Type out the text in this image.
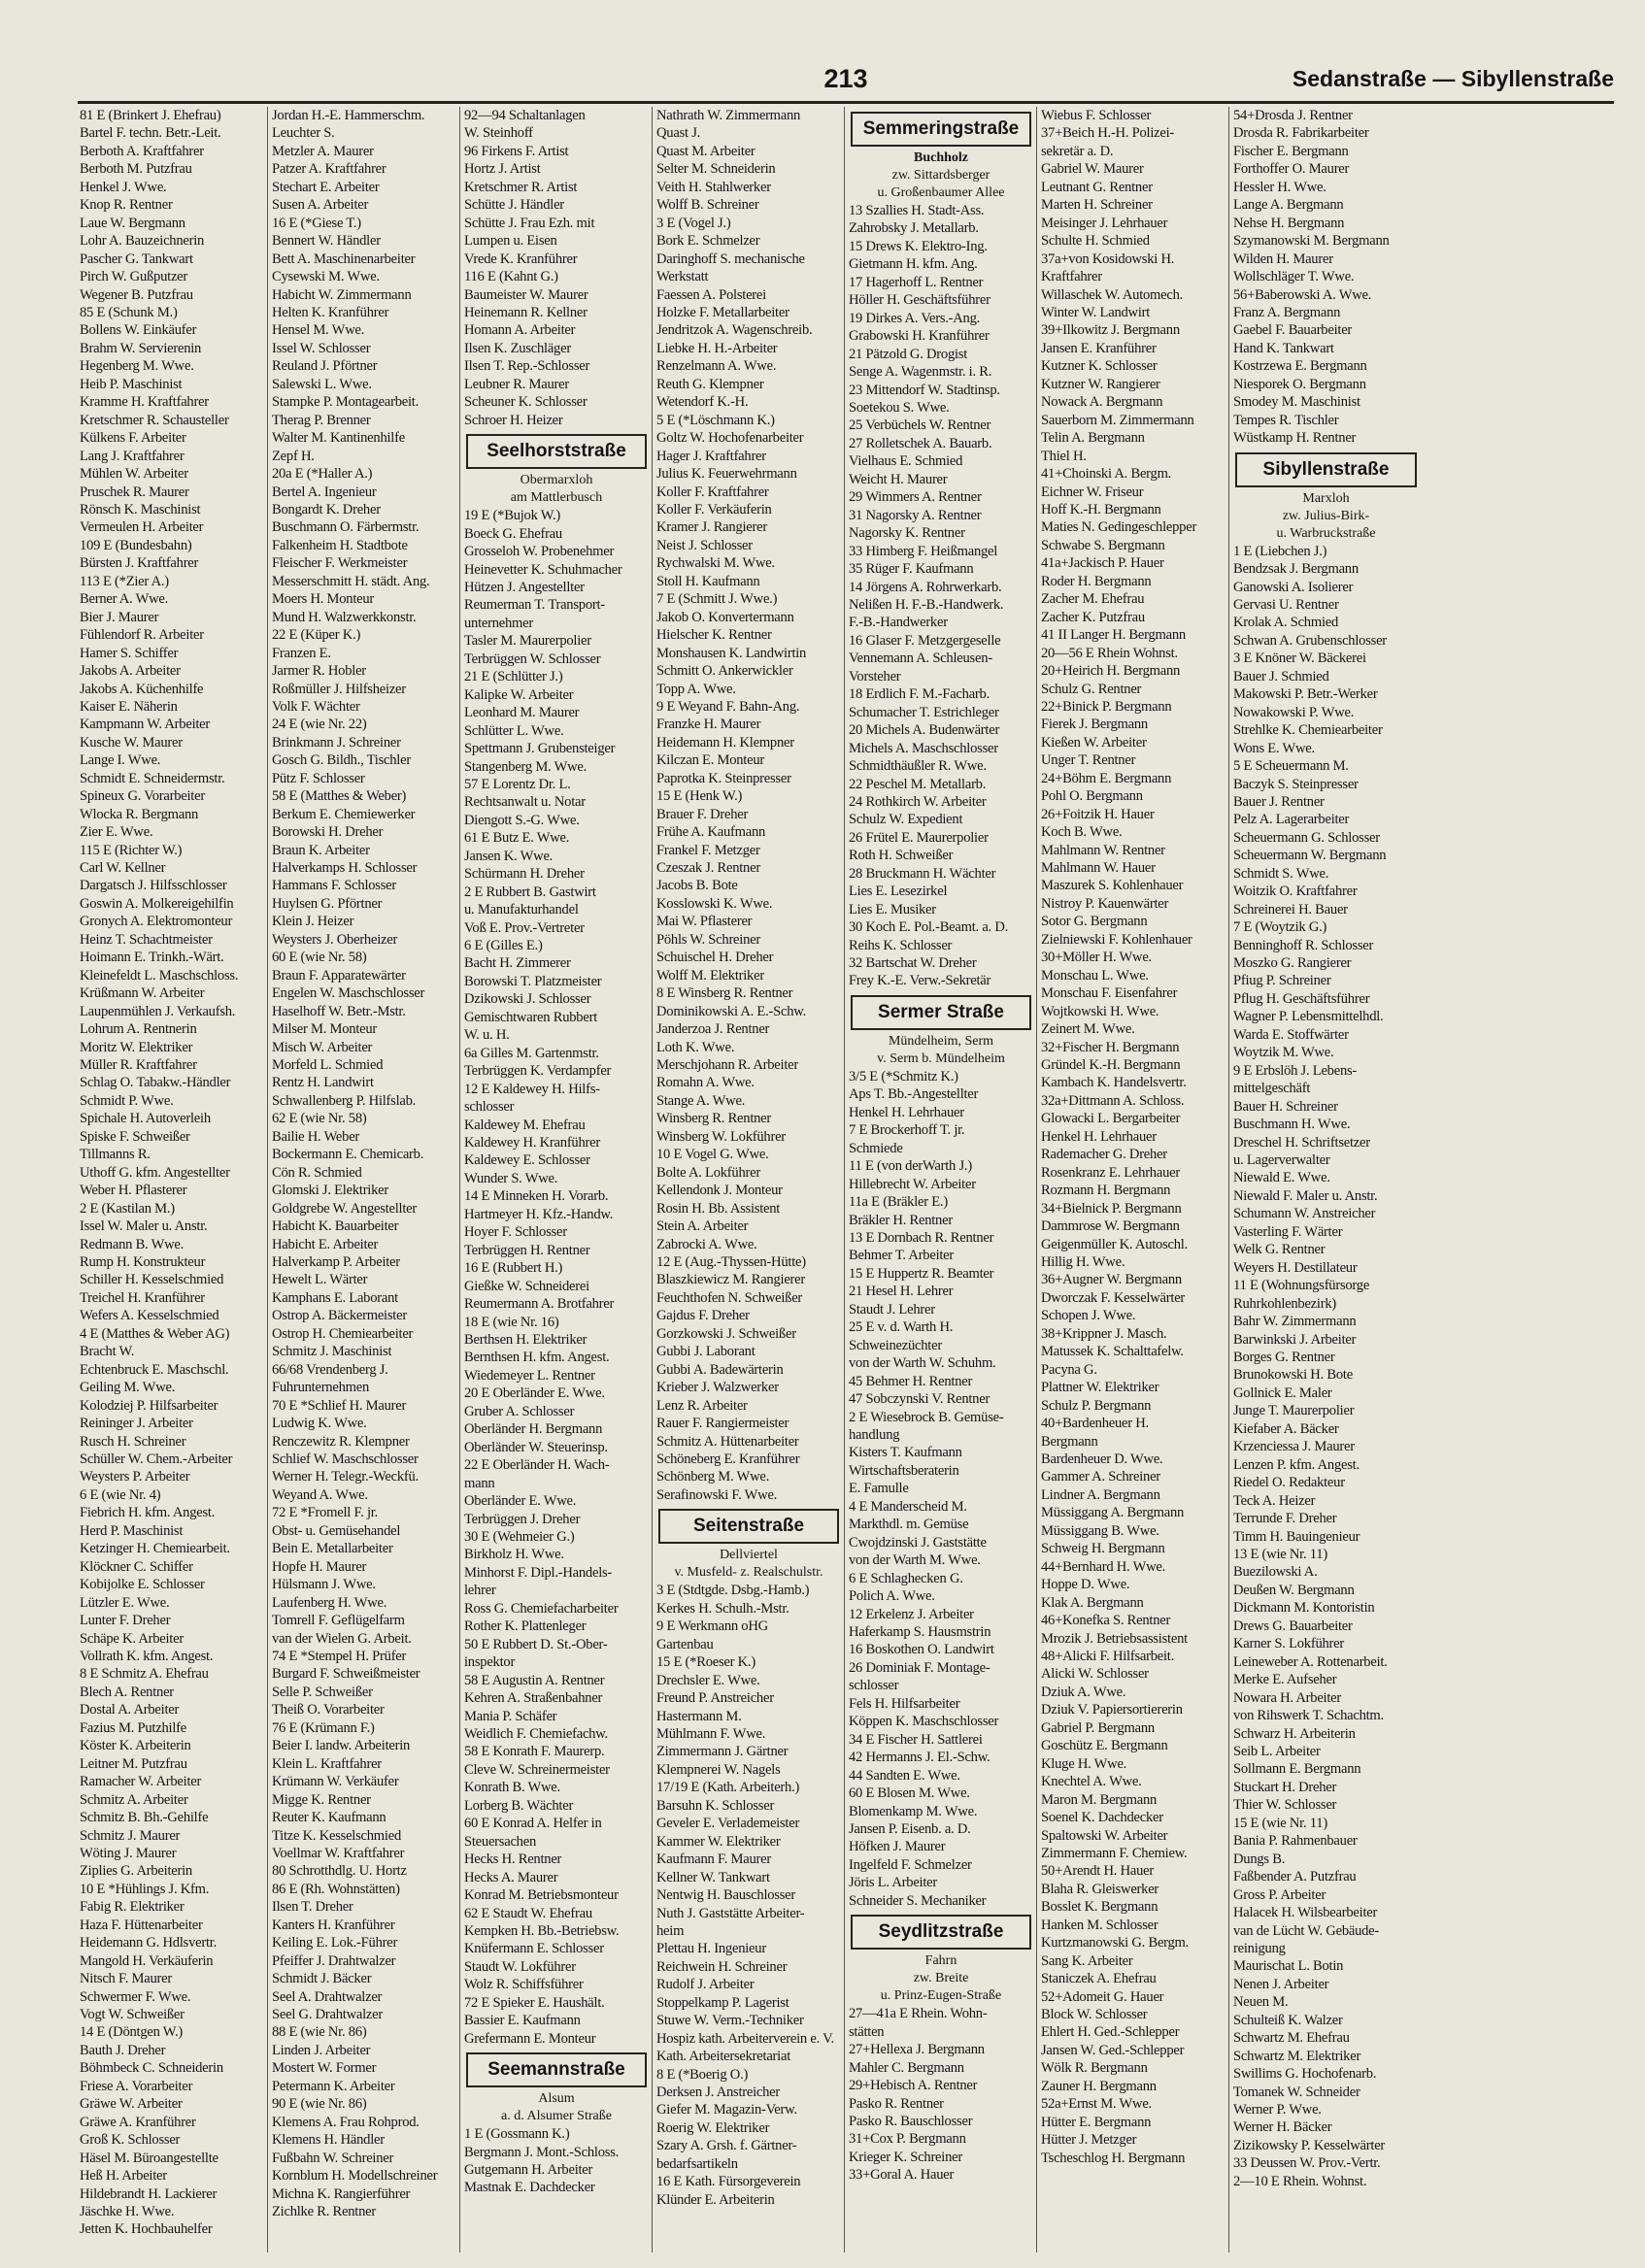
213	Sedanstraße — Sibyllenstraße
81 E (Brinkert J. Ehefrau)
Bartel F. techn. Betr.-Leit.
Berboth A. Kraftfahrer
Berboth M. Putzfrau
Henkel J. Wwe.
Knop R. Rentner
Laue W. Bergmann
Lohr A. Bauzeichnerin
Pascher G. Tankwart
Pirch W. Gußputzer
Wegener B. Putzfrau
85 E (Schunk M.)
Bollens W. Einkäufer
Brahm W. Servierenin
Hegenberg M. Wwe.
Heib P. Maschinist
Kramme H. Kraftfahrer
Kretschmer R. Schausteller
Külkens F. Arbeiter
Lang J. Kraftfahrer
Mühlen W. Arbeiter
Pruschek R. Maurer
Rönsch K. Maschinist
Vermeulen H. Arbeiter
109 E (Bundesbahn)
Bürsten J. Kraftfahrer
113 E (*Zier A.)
Berner A. Wwe.
Bier J. Maurer
Fühlendorf R. Arbeiter
Hamer S. Schiffer
Jakobs A. Arbeiter
Jakobs A. Küchenhilfe
Kaiser E. Näherin
Kampmann W. Arbeiter
Kusche W. Maurer
Lange I. Wwe.
Schmidt E. Schneidermstr.
Spineux G. Vorarbeiter
Wlocka R. Bergmann
Zier E. Wwe.
115 E (Richter W.)
Carl W. Kellner
Dargatsch J. Hilfsschlosser
Goswin A. Molkereigehilfin
Gronych A. Elektromonteur
Heinz T. Schachtmeister
Hoimann E. Trinkh.-Wärt.
Kleinefeldt L. Maschschloss.
Krüßmann W. Arbeiter
Laupenmühlen J. Verkaufsh.
Lohrum A. Rentnerin
Moritz W. Elektriker
Müller R. Kraftfahrer
Schlag O. Tabakw.-Händler
Schmidt P. Wwe.
Spichale H. Autoverleih
Spiske F. Schweißer
Tillmanns R.
Uthoff G. kfm. Angestellter
Weber H. Pflasterer
2 E (Kastilan M.)
Issel W. Maler u. Anstr.
Redmann B. Wwe.
Rump H. Konstrukteur
Schiller H. Kesselschmied
Treichel H. Kranführer
Wefers A. Kesselschmied
4 E (Matthes & Weber AG)
Bracht W.
Echtenbruck E. Maschschl.
Geiling M. Wwe.
Kolodziej P. Hilfsarbeiter
Reininger J. Arbeiter
Rusch H. Schreiner
Schüller W. Chem.-Arbeiter
Weysters P. Arbeiter
6 E (wie Nr. 4)
Fiebrich H. kfm. Angest.
Herd P. Maschinist
Ketzinger H. Chemiearbeit.
Klöckner C. Schiffer
Kobijolke E. Schlosser
Lützler E. Wwe.
Lunter F. Dreher
Schäpe K. Arbeiter
Vollrath K. kfm. Angest.
8 E Schmitz A. Ehefrau
Blech A. Rentner
Dostal A. Arbeiter
Fazius M. Putzhilfe
Köster K. Arbeiterin
Leitner M. Putzfrau
Ramacher W. Arbeiter
Schmitz A. Arbeiter
Schmitz B. Bh.-Gehilfe
Schmitz J. Maurer
Wöting J. Maurer
Ziplies G. Arbeiterin
10 E *Hühlings J. Kfm.
Fabig R. Elektriker
Haza F. Hüttenarbeiter
Heidemann G. Hdlsvertr.
Mangold H. Verkäuferin
Nitsch F. Maurer
Schwermer F. Wwe.
Vogt W. Schweißer
14 E (Döntgen W.)
Bauth J. Dreher
Böhmbeck C. Schneiderin
Friese A. Vorarbeiter
Gräwe W. Arbeiter
Gräwe A. Kranführer
Groß K. Schlosser
Häsel M. Büroangestellte
Heß H. Arbeiter
Hildebrandt H. Lackierer
Jäschke H. Wwe.
Jetten K. Hochbauhelfer
Jordan H.-E. Hammerschm.
Leuchter S.
Metzler A. Maurer
Patzer A. Kraftfahrer
Stechart E. Arbeiter
Susen A. Arbeiter
16 E (*Giese T.)
Bennert W. Händler
Bett A. Maschinenarbeiter
Cysewski M. Wwe.
Habicht W. Zimmermann
Helten K. Kranführer
Hensel M. Wwe.
Issel W. Schlosser
Reuland J. Pförtner
Salewski L. Wwe.
Stampke P. Montagearbeit.
Therag P. Brenner
Walter M. Kantinenhilfe
Zepf H.
20a E (*Haller A.)
Bertel A. Ingenieur
Bongardt K. Dreher
Buschmann O. Färbermstr.
Falkenheim H. Stadtbote
Fleischer F. Werkmeister
Messerschmitt H. städt. Ang.
Moers H. Monteur
Mund H. Walzwerkkonstr.
22 E (Küper K.)
Franzen E.
Jarmer R. Hobler
Roßmüller J. Hilfsheizer
Volk F. Wächter
24 E (wie Nr. 22)
Brinkmann J. Schreiner
Gosch G. Bildh., Tischler
Pütz F. Schlosser
58 E (Matthes & Weber)
Berkum E. Chemiewerker
Borowski H. Dreher
Braun K. Arbeiter
Halverkamps H. Schlosser
Hammans F. Schlosser
Huylsen G. Pförtner
Klein J. Heizer
Weysters J. Oberheizer
60 E (wie Nr. 58)
Braun F. Apparatewärter
Engelen W. Maschschlosser
Haselhoff W. Betr.-Mstr.
Milser M. Monteur
Misch W. Arbeiter
Morfeld L. Schmied
Rentz H. Landwirt
Schwallenberg P. Hilfslab.
62 E (wie Nr. 58)
Bailie H. Weber
Bockermann E. Chemicarb.
Cön R. Schmied
Glomski J. Elektriker
Goldgrebe W. Angestellter
Habicht K. Bauarbeiter
Habicht E. Arbeiter
Halverkamp P. Arbeiter
Hewelt L. Wärter
Kamphans E. Laborant
Ostrop A. Bäckermeister
Ostrop H. Chemiearbeiter
Schmitz J. Maschinist
66/68 Vrendenberg J.
Fuhrunternehmen
70 E *Schlief H. Maurer
Ludwig K. Wwe.
Renczewitz R. Klempner
Schlief W. Maschschlosser
Werner H. Telegr.-Weckfü.
Weyand A. Wwe.
72 E *Fromell F. jr.
Obst- u. Gemüsehandel
Bein E. Metallarbeiter
Hopfe H. Maurer
Hülsmann J. Wwe.
Laufenberg H. Wwe.
Tomrell F. Geflügelfarm
van der Wielen G. Arbeit.
74 E *Stempel H. Prüfer
Burgard F. Schweißmeister
Selle P. Schweißer
Theiß O. Vorarbeiter
76 E (Krümann F.)
Beier I. landw. Arbeiterin
Klein L. Kraftfahrer
Krümann W. Verkäufer
Migge K. Rentner
Reuter K. Kaufmann
Titze K. Kesselschmied
Voellmar W. Kraftfahrer
80 Schrotthdlg. U. Hortz
86 E (Rh. Wohnstätten)
Ilsen T. Dreher
Kanters H. Kranführer
Keiling E. Lok.-Führer
Pfeiffer J. Drahtwalzer
Schmidt J. Bäcker
Seel A. Drahtwalzer
Seel G. Drahtwalzer
88 E (wie Nr. 86)
Linden J. Arbeiter
Mostert W. Former
Petermann K. Arbeiter
90 E (wie Nr. 86)
Klemens A. Frau Rohprod.
Klemens H. Händler
Fußbahn W. Schreiner
Kornblum H. Modellschreiner
Michna K. Rangierführer
Zichlke R. Rentner
92—94 Schaltanlagen
W. Steinhoff
96 Firkens F. Artist
Hortz J. Artist
Kretschmer R. Artist
Schütte J. Händler
Schütte J. Frau Ezh. mit
Lumpen u. Eisen
Vrede K. Kranführer
116 E (Kahnt G.)
Baumeister W. Maurer
Heinemann R. Kellner
Homann A. Arbeiter
Ilsen K. Zuschläger
Ilsen T. Rep.-Schlosser
Leubner R. Maurer
Scheuner K. Schlosser
Schroer H. Heizer
Seelhorststraße
Obermarxloh
am Mattlerbusch
19 E (*Bujok W.)
Boeck G. Ehefrau
Grosseloh W. Probenehmer
Heinevetter K. Schuhmacher
Hützen J. Angestellter
Reumerman T. Transport-
unternehmer
Tasler M. Maurerpolier
Terbrüggen W. Schlosser
21 E (Schlütter J.)
Kalipke W. Arbeiter
Leonhard M. Maurer
Schlütter L. Wwe.
Spettmann J. Grubensteiger
Stangenberg M. Wwe.
57 E Lorentz Dr. L.
Rechtsanwalt u. Notar
Diengott S.-G. Wwe.
61 E Butz E. Wwe.
Jansen K. Wwe.
Schürmann H. Dreher
2 E Rubbert B. Gastwirt
u. Manufakturhandel
Voß E. Prov.-Vertreter
6 E (Gilles E.)
Bacht H. Zimmerer
Borowski T. Platzmeister
Dzikowski J. Schlosser
Gemischtwaren Rubbert
W. u. H.
6a Gilles M. Gartenmstr.
Terbrüggen K. Verdampfer
12 E Kaldewey H. Hilfs-
schlosser
Kaldewey M. Ehefrau
Kaldewey H. Kranführer
Kaldewey E. Schlosser
Wunder S. Wwe.
14 E Minneken H. Vorarb.
Hartmeyer H. Kfz.-Handw.
Hoyer F. Schlosser
Terbrüggen H. Rentner
16 E (Rubbert H.)
Gießke W. Schneiderei
Reumermann A. Brotfahrer
18 E (wie Nr. 16)
Berthsen H. Elektriker
Bernthsen H. kfm. Angest.
Wiedemeyer L. Rentner
20 E Oberländer E. Wwe.
Gruber A. Schlosser
Oberländer H. Bergmann
Oberländer W. Steuerinsp.
22 E Oberländer H. Wach-
mann
Oberländer E. Wwe.
Terbrüggen J. Dreher
30 E (Wehmeier G.)
Birkholz H. Wwe.
Minhorst F. Dipl.-Handels-
lehrer
Ross G. Chemiefacharbeiter
Rother K. Plattenleger
50 E Rubbert D. St.-Ober-
inspektor
58 E Augustin A. Rentner
Kehren A. Straßenbahner
Mania P. Schäfer
Weidlich F. Chemiefachw.
58 E Konrath F. Maurerp.
Cleve W. Schreinermeister
Konrath B. Wwe.
Lorberg B. Wächter
60 E Konrad A. Helfer in
Steuersachen
Hecks H. Rentner
Hecks A. Maurer
Konrad M. Betriebsmonteur
62 E Staudt W. Ehefrau
Kempken H. Bb.-Betriebsw.
Knüfermann E. Schlosser
Staudt W. Lokführer
Wolz R. Schiffsführer
72 E Spieker E. Haushält.
Bassier E. Kaufmann
Grefermann E. Monteur
Seemannstraße
Alsum
a. d. Alsumer Straße
1 E (Gossmann K.)
Bergmann J. Mont.-Schloss.
Gutgemann H. Arbeiter
Mastnak E. Dachdecker
Nathrath W. Zimmermann
Quast J.
Quast M. Arbeiter
Selter M. Schneiderin
Veith H. Stahlwerker
Wolff B. Schreiner
3 E (Vogel J.)
Bork E. Schmelzer
Daringhoff S. mechanische
Werkstatt
Faessen A. Polsterei
Holzke F. Metallarbeiter
Jendritzok A. Wagenschreib.
Liebke H. H.-Arbeiter
Renzelmann A. Wwe.
Reuth G. Klempner
Wetendorf K.-H.
5 E (*Löschmann K.)
Goltz W. Hochofenarbeiter
Hager J. Kraftfahrer
Julius K. Feuerwehrmann
Koller F. Kraftfahrer
Koller F. Verkäuferin
Kramer J. Rangierer
Neist J. Schlosser
Rychwalski M. Wwe.
Stoll H. Kaufmann
7 E (Schmitt J. Wwe.)
Jakob O. Konvertermann
Hielscher K. Rentner
Monshausen K. Landwirtin
Schmitt O. Ankerwickler
Topp A. Wwe.
9 E Weyand F. Bahn-Ang.
Franzke H. Maurer
Heidemann H. Klempner
Kilczan E. Monteur
Paprotka K. Steinpresser
15 E (Henk W.)
Brauer F. Dreher
Frühe A. Kaufmann
Frankel F. Metzger
Czeszak J. Rentner
Jacobs B. Bote
Kosslowski K. Wwe.
Mai W. Pflasterer
Pöhls W. Schreiner
Schuischel H. Dreher
Wolff M. Elektriker
8 E Winsberg R. Rentner
Dominikowski A. E.-Schw.
Janderzoa J. Rentner
Loth K. Wwe.
Merschjohann R. Arbeiter
Romahn A. Wwe.
Stange A. Wwe.
Winsberg R. Rentner
Winsberg W. Lokführer
10 E Vogel G. Wwe.
Bolte A. Lokführer
Kellendonk J. Monteur
Rosin H. Bb. Assistent
Stein A. Arbeiter
Zabrocki A. Wwe.
12 E (Aug.-Thyssen-Hütte)
Blaszkiewicz M. Rangierer
Feuchthofen N. Schweißer
Gajdus F. Dreher
Gorzkowski J. Schweißer
Gubbi J. Laborant
Gubbi A. Badewärterin
Krieber J. Walzwerker
Lenz R. Arbeiter
Rauer F. Rangiermeister
Schmitz A. Hüttenarbeiter
Schöneberg E. Kranführer
Schönberg M. Wwe.
Serafinowski F. Wwe.
Seitenstraße
Dellviertel
v. Musfeld- z. Realschulstr.
3 E (Stdtgde. Dsbg.-Hamb.)
Kerkes H. Schulh.-Mstr.
9 E Werkmann oHG
Gartenbau
15 E (*Roeser K.)
Drechsler E. Wwe.
Freund P. Anstreicher
Hastermann M.
Mühlmann F. Wwe.
Zimmermann J. Gärtner
Klempnerei W. Nagels
17/19 E (Kath. Arbeiterh.)
Barsuhn K. Schlosser
Geveler E. Verlademeister
Kammer W. Elektriker
Kaufmann F. Maurer
Kellner W. Tankwart
Nentwig H. Bauschlosser
Nuth J. Gaststätte Arbeiter-
heim
Plettau H. Ingenieur
Reichwein H. Schreiner
Rudolf J. Arbeiter
Stoppelkamp P. Lagerist
Stuwe W. Verm.-Techniker
Hospiz kath. Arbeiterverein e. V.
Kath. Arbeitersekretariat
8 E (*Boerig O.)
Derksen J. Anstreicher
Giefer M. Magazin-Verw.
Roerig W. Elektriker
Szary A. Grsh. f. Gärtner-
bedarfsartikeln
16 E Kath. Fürsorgeverein
Klünder E. Arbeiterin
Semmeringstraße
Buchholz
zw. Sittardsberger
u. Großenbaumer Allee
13 Szallies H. Stadt-Ass.
Zahrobsky J. Metallarb.
15 Drews K. Elektro-Ing.
Gietmann H. kfm. Ang.
17 Hagerhoff L. Rentner
Höller H. Geschäftsführer
19 Dirkes A. Vers.-Ang.
Grabowski H. Kranführer
21 Pätzold G. Drogist
Senge A. Wagenmstr. i. R.
23 Mittendorf W. Stadtinsp.
Soetekou S. Wwe.
25 Verbüchels W. Rentner
27 Rolletschek A. Bauarb.
Vielhaus E. Schmied
Weicht H. Maurer
29 Wimmers A. Rentner
31 Nagorsky A. Rentner
Nagorsky K. Rentner
33 Himberg F. Heißmangel
35 Rüger F. Kaufmann
14 Jörgens A. Rohrwerkarb.
Nelißen H. F.-B.-Handwerk.
F.-B.-Handwerker
16 Glaser F. Metzgergeselle
Vennemann A. Schleusen-
Vorsteher
18 Erdlich F. M.-Facharb.
Schumacher T. Estrichleger
20 Michels A. Budenwärter
Michels A. Maschschlosser
Schmidthäußler R. Wwe.
22 Peschel M. Metallarb.
24 Rothkirch W. Arbeiter
Schulz W. Expedient
26 Frütel E. Maurerpolier
Roth H. Schweißer
28 Bruckmann H. Wächter
Lies E. Lesezirkel
Lies E. Musiker
30 Koch E. Pol.-Beamt. a. D.
Reihs K. Schlosser
32 Bartschat W. Dreher
Frey K.-E. Verw.-Sekretär
Sermer Straße
Mündelheim, Serm
v. Serm b. Mündelheim
3/5 E (*Schmitz K.)
Aps T. Bb.-Angestellter
Henkel H. Lehrhauer
7 E Brockerhoff T. jr.
Schmiede
11 E (von derWarth J.)
Hillebrecht W. Arbeiter
11a E (Bräkler E.)
Bräkler H. Rentner
13 E Dornbach R. Rentner
Behmer T. Arbeiter
15 E Huppertz R. Beamter
21 Hesel H. Lehrer
Staudt J. Lehrer
25 E v. d. Warth H.
Schweinezüchter
von der Warth W. Schuhm.
45 Behmer H. Rentner
47 Sobczynski V. Rentner
2 E Wiesebrock B. Gemüse-
handlung
Kisters T. Kaufmann
Wirtschaftsberaterin
E. Famulle
4 E Manderscheid M.
Markthdl. m. Gemüse
Cwojdzinski J. Gaststätte
von der Warth M. Wwe.
6 E Schlaghecken G.
Polich A. Wwe.
12 Erkelenz J. Arbeiter
Haferkamp S. Hausmstrin
16 Boskothen O. Landwirt
26 Dominiak F. Montage-
schlosser
Fels H. Hilfsarbeiter
Köppen K. Maschschlosser
34 E Fischer H. Sattlerei
42 Hermanns J. El.-Schw.
44 Sandten E. Wwe.
60 E Blosen M. Wwe.
Blomenkamp M. Wwe.
Jansen P. Eisenb. a. D.
Höfken J. Maurer
Ingelfeld F. Schmelzer
Jöris L. Arbeiter
Schneider S. Mechaniker
Seydlitzstraße
Fahrn
zw. Breite
u. Prinz-Eugen-Straße
27—41a E Rhein. Wohn-
stätten
27+Hellexa J. Bergmann
Mahler C. Bergmann
29+Hebisch A. Rentner
Pasko R. Rentner
Pasko R. Bauschlosser
31+Cox P. Bergmann
Krieger K. Schreiner
33+Goral A. Hauer
Wiebus F. Schlosser
37+Beich H.-H. Polizei-
sekretär a. D.
Gabriel W. Maurer
Leutnant G. Rentner
Marten H. Schreiner
Meisinger J. Lehrhauer
Schulte H. Schmied
37a+von Kosidowski H.
Kraftfahrer
Willaschek W. Automech.
Winter W. Landwirt
39+Ilkowitz J. Bergmann
Jansen E. Kranführer
Kutzner K. Schlosser
Kutzner W. Rangierer
Nowack A. Bergmann
Sauerborn M. Zimmermann
Telin A. Bergmann
Thiel H.
41+Choinski A. Bergm.
Eichner W. Friseur
Hoff K.-H. Bergmann
Maties N. Gedingeschlepper
Schwabe S. Bergmann
41a+Jackisch P. Hauer
Roder H. Bergmann
Zacher M. Ehefrau
Zacher K. Putzfrau
41 II Langer H. Bergmann
20—56 E Rhein Wohnst.
20+Heirich H. Bergmann
Schulz G. Rentner
22+Binick P. Bergmann
Fierek J. Bergmann
Kießen W. Arbeiter
Unger T. Rentner
24+Böhm E. Bergmann
Pohl O. Bergmann
26+Foitzik H. Hauer
Koch B. Wwe.
Mahlmann W. Rentner
Mahlmann W. Hauer
Maszurek S. Kohlenhauer
Nistroy P. Kauenwärter
Sotor G. Bergmann
Zielniewski F. Kohlenhauer
30+Möller H. Wwe.
Monschau L. Wwe.
Monschau F. Eisenfahrer
Wojtkowski H. Wwe.
Zeinert M. Wwe.
32+Fischer H. Bergmann
Gründel K.-H. Bergmann
Kambach K. Handelsvertr.
32a+Dittmann A. Schloss.
Glowacki L. Bergarbeiter
Henkel H. Lehrhauer
Rademacher G. Dreher
Rosenkranz E. Lehrhauer
Rozmann H. Bergmann
34+Bielnick P. Bergmann
Dammrose W. Bergmann
Geigenmüller K. Autoschl.
Hillig H. Wwe.
36+Augner W. Bergmann
Dworczak F. Kesselwärter
Schopen J. Wwe.
38+Krippner J. Masch.
Matussek K. Schalttafelw.
Pacyna G.
Plattner W. Elektriker
Schulz P. Bergmann
40+Bardenheuer H.
Bergmann
Bardenheuer D. Wwe.
Gammer A. Schreiner
Lindner A. Bergmann
Müssiggang A. Bergmann
Müssiggang B. Wwe.
Schweig H. Bergmann
44+Bernhard H. Wwe.
Hoppe D. Wwe.
Klak A. Bergmann
46+Konefka S. Rentner
Mrozik J. Betriebsassistent
48+Alicki F. Hilfsarbeit.
Alicki W. Schlosser
Dziuk A. Wwe.
Dziuk V. Papiersortiererin
Gabriel P. Bergmann
Goschütz E. Bergmann
Kluge H. Wwe.
Knechtel A. Wwe.
Maron M. Bergmann
Soenel K. Dachdecker
Spaltowski W. Arbeiter
Zimmermann F. Chemiew.
50+Arendt H. Hauer
Blaha R. Gleiswerker
Bosslet K. Bergmann
Hanken M. Schlosser
Kurtzmanowski G. Bergm.
Sang K. Arbeiter
Staniczek A. Ehefrau
52+Adomeit G. Hauer
Block W. Schlosser
Ehlert H. Ged.-Schlepper
Jansen W. Ged.-Schlepper
Wölk R. Bergmann
Zauner H. Bergmann
52a+Ernst M. Wwe.
Hütter E. Bergmann
Hütter J. Metzger
Tscheschlog H. Bergmann
54+Drosda J. Rentner
Drosda R. Fabrikarbeiter
Fischer E. Bergmann
Forthoffer O. Maurer
Hessler H. Wwe.
Lange A. Bergmann
Nehse H. Bergmann
Szymanowski M. Bergmann
Wilden H. Maurer
Wollschläger T. Wwe.
56+Baberowski A. Wwe.
Franz A. Bergmann
Gaebel F. Bauarbeiter
Hand K. Tankwart
Kostrzewa E. Bergmann
Niesporek O. Bergmann
Smodey M. Maschinist
Tempes R. Tischler
Wüstkamp H. Rentner
Sibyllenstraße
Marxloh
zw. Julius-Birk-
u. Warbruckstraße
1 E (Liebchen J.)
Bendzsak J. Bergmann
Ganowski A. Isolierer
Gervasi U. Rentner
Krolak A. Schmied
Schwan A. Grubenschlosser
3 E Knöner W. Bäckerei
Bauer J. Schmied
Makowski P. Betr.-Werker
Nowakowski P. Wwe.
Strehlke K. Chemiearbeiter
Wons E. Wwe.
5 E Scheuermann M.
Baczyk S. Steinpresser
Bauer J. Rentner
Pelz A. Lagerarbeiter
Scheuermann G. Schlosser
Scheuermann W. Bergmann
Schmidt S. Wwe.
Woitzik O. Kraftfahrer
Schreinerei H. Bauer
7 E (Woytzik G.)
Benninghoff R. Schlosser
Moszko G. Rangierer
Pfiug P. Schreiner
Pflug H. Geschäftsführer
Wagner P. Lebensmittelhdl.
Warda E. Stoffwärter
Woytzik M. Wwe.
9 E Erbslöh J. Lebens-
mittelgeschäft
Bauer H. Schreiner
Buschmann H. Wwe.
Dreschel H. Schriftsetzer
u. Lagerverwalter
Niewald E. Wwe.
Niewald F. Maler u. Anstr.
Schumann W. Anstreicher
Vasterling F. Wärter
Welk G. Rentner
Weyers H. Destillateur
11 E (Wohnungsfürsorge
Ruhrkohlenbezirk)
Bahr W. Zimmermann
Barwinkski J. Arbeiter
Borges G. Rentner
Brunokowski H. Bote
Gollnick E. Maler
Junge T. Maurerpolier
Kiefaber A. Bäcker
Krzenciessa J. Maurer
Lenzen P. kfm. Angest.
Riedel O. Redakteur
Teck A. Heizer
Terrunde F. Dreher
Timm H. Bauingenieur
13 E (wie Nr. 11)
Buezilowski A.
Deußen W. Bergmann
Dickmann M. Kontoristin
Drews G. Bauarbeiter
Karner S. Lokführer
Leineweber A. Rottenarbeit.
Merke E. Aufseher
Nowara H. Arbeiter
von Rihswerk T. Schachtm.
Schwarz H. Arbeiterin
Seib L. Arbeiter
Sollmann E. Bergmann
Stuckart H. Dreher
Thier W. Schlosser
15 E (wie Nr. 11)
Bania P. Rahmenbauer
Dungs B.
Faßbender A. Putzfrau
Gross P. Arbeiter
Halacek H. Wilsbearbeiter
van de Lücht W. Gebäude-
reinigung
Maurischat L. Botin
Nenen J. Arbeiter
Neuen M.
Schulteiß K. Walzer
Schwartz M. Ehefrau
Schwartz M. Elektriker
Swillims G. Hochofenarb.
Tomanek W. Schneider
Werner P. Wwe.
Werner H. Bäcker
Zizikowsky P. Kesselwärter
33 Deussen W. Prov.-Vertr.
2—10 E Rhein. Wohnst.
